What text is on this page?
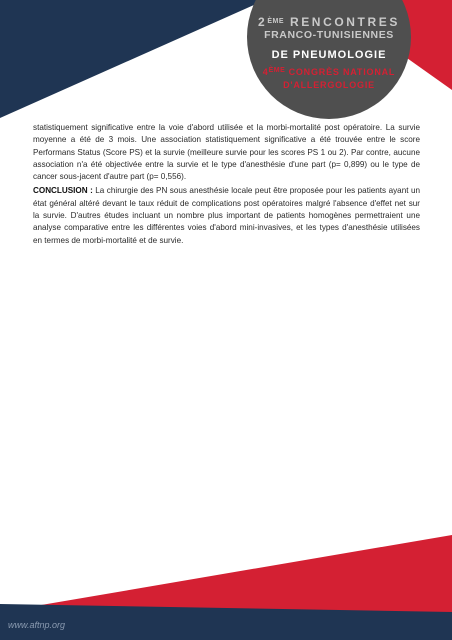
2ÈME RENCONTRES
FRANCO-TUNISIENNES
DE PNEUMOLOGIE
4ÈME CONGRÈS NATIONAL
D'ALLERGOLOGIE

statistiquement significative entre la voie d'abord utilisée et la morbi-mortalité post opératoire. La survie moyenne a été de 3 mois. Une association statistiquement significative a été trouvée entre le score Performans Status (Score PS) et la survie (meilleure survie pour les scores PS 1 ou 2). Par contre, aucune association n'a été objectivée entre la survie et le type d'anesthésie d'une part (p= 0,899) ou le type de cancer sous-jacent d'autre part (p= 0,556).

CONCLUSION : La chirurgie des PN sous anesthésie locale peut être proposée pour les patients ayant un état général altéré devant le taux réduit de complications post opératoires malgré l'absence d'effet net sur la survie. D'autres études incluant un nombre plus important de patients homogènes permettraient une analyse comparative entre les différentes voies d'abord mini-invasives, et les types d'anesthésie utilisées en termes de morbi-mortalité et de survie.

www.aftnp.org
